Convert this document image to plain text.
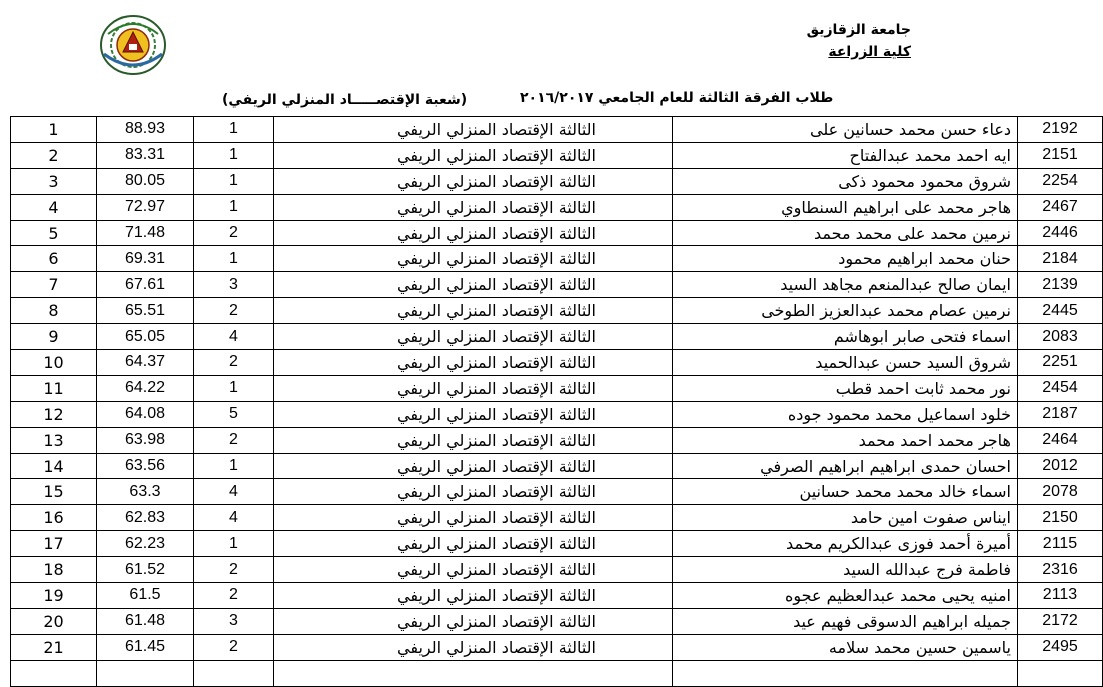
جامعة الزقازيق
كلية الزراعة
طلاب الفرقة الثالثة للعام الجامعي ٢٠١٦/٢٠١٧
(شعبة الإقتصـــــاد المنزلي الريفي)
1	88.93	1	الثالثة الإقتصاد المنزلي الريفي	دعاء حسن محمد حسانين على	2192
2	83.31	1	الثالثة الإقتصاد المنزلي الريفي	ايه احمد محمد عبدالفتاح	2151
3	80.05	1	الثالثة الإقتصاد المنزلي الريفي	شروق محمود محمود ذكى	2254
4	72.97	1	الثالثة الإقتصاد المنزلي الريفي	هاجر محمد على ابراهيم السنطاوي	2467
5	71.48	2	الثالثة الإقتصاد المنزلي الريفي	نرمين محمد على محمد محمد	2446
6	69.31	1	الثالثة الإقتصاد المنزلي الريفي	حنان محمد ابراهيم محمود	2184
7	67.61	3	الثالثة الإقتصاد المنزلي الريفي	ايمان صالح عبدالمنعم مجاهد السيد	2139
8	65.51	2	الثالثة الإقتصاد المنزلي الريفي	نرمين عصام محمد عبدالعزيز الطوخى	2445
9	65.05	4	الثالثة الإقتصاد المنزلي الريفي	اسماء فتحى صابر ابوهاشم	2083
10	64.37	2	الثالثة الإقتصاد المنزلي الريفي	شروق السيد حسن عبدالحميد	2251
11	64.22	1	الثالثة الإقتصاد المنزلي الريفي	نور محمد ثابت احمد قطب	2454
12	64.08	5	الثالثة الإقتصاد المنزلي الريفي	خلود اسماعيل محمد محمود جوده	2187
13	63.98	2	الثالثة الإقتصاد المنزلي الريفي	هاجر محمد احمد محمد	2464
14	63.56	1	الثالثة الإقتصاد المنزلي الريفي	احسان حمدى ابراهيم ابراهيم الصرفي	2012
15	63.3	4	الثالثة الإقتصاد المنزلي الريفي	اسماء خالد محمد محمد حسانين	2078
16	62.83	4	الثالثة الإقتصاد المنزلي الريفي	ايناس صفوت امين حامد	2150
17	62.23	1	الثالثة الإقتصاد المنزلي الريفي	أميرة أحمد فوزى عبدالكريم محمد	2115
18	61.52	2	الثالثة الإقتصاد المنزلي الريفي	فاطمة فرج عبدالله السيد	2316
19	61.5	2	الثالثة الإقتصاد المنزلي الريفي	امنيه يحيى محمد عبدالعظيم عجوه	2113
20	61.48	3	الثالثة الإقتصاد المنزلي الريفي	جميله ابراهيم الدسوقى فهيم عيد	2172
21	61.45	2	الثالثة الإقتصاد المنزلي الريفي	ياسمين حسين محمد سلامه	2495
